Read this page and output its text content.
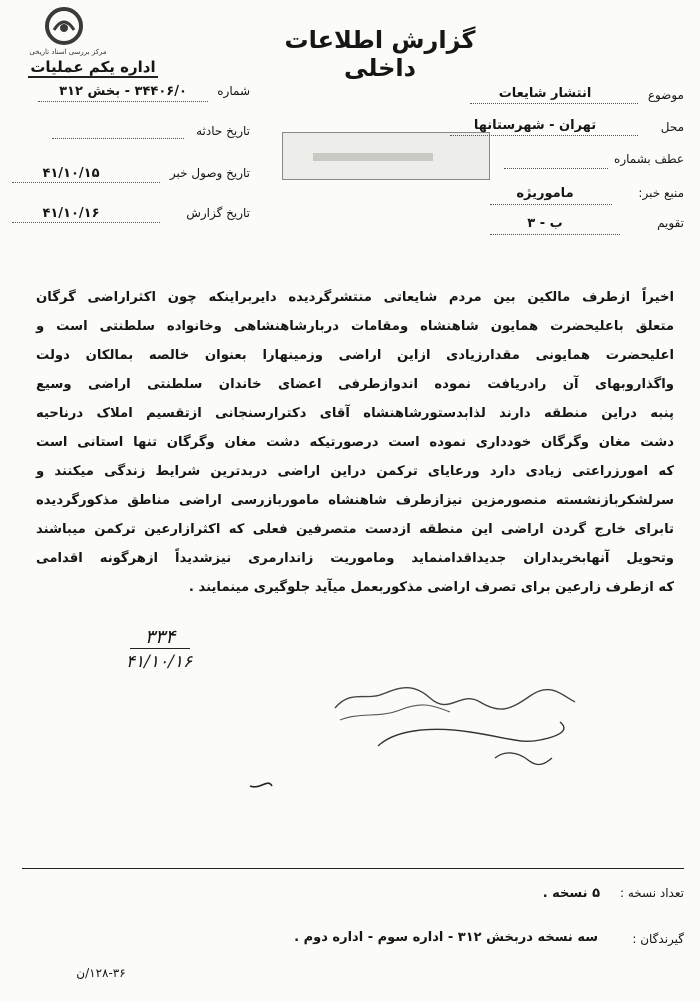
مرکز بررسی اسناد تاریخی	گزارش اطلاعات داخلی
اداره یکم عملیات
شماره
۳۴۴۰۶/۰ - بخش ۳۱۲
تاریخ حادثه
تاریخ وصول خبر
۴۱/۱۰/۱۵
تاریخ گزارش
۴۱/۱۰/۱۶
موضوع
انتشار شایعات
محل
تهران - شهرستانها
عطف بشماره
منبع خبر:
ماموریژه
تقویم
ب - ۳
اخیراً ازطرف مالکین بین مردم شایعاتی منتشرگردیده دایربراینکه چون اکثراراضی گرگان
متعلق باعلیحضرت همایون شاهنشاه ومقامات دربارشاهنشاهی وخانواده سلطنتی است و
اعلیحضرت همایونی مقدارزیادی ازاین اراضی وزمینهارا بعنوان خالصه بمالکان دولت
واگذاروبهای آن رادریافت نموده اندوازطرفی اعضای خاندان سلطنتی اراضی وسیع
پنبه دراین منطقه دارند لذابدستورشاهنشاه آقای دکترارسنجانی ازتقسیم املاک درناحیه
دشت مغان وگرگان خودداری نموده است درصورتیکه دشت مغان وگرگان تنها استانی است
که امورزراعتی زیادی دارد ورعایای ترکمن دراین اراضی دربدترین شرایط زندگی میکنند و
سرلشکربازنشسته منصورمزین نیزازطرف شاهنشاه ماموربازرسی اراضی مناطق مذکورگردیده
تابرای خارج گردن اراضی این منطقه ازدست متصرفین فعلی که اکثرازارعین ترکمن میباشند
وتحویل آنهابخریداران جدیداقدامنماید وماموریت زاندارمری نیزشدیداً ازهرگونه اقدامی
که ازطرف زارعین برای تصرف اراضی مذکوربعمل میآید جلوگیری مینمایند .
۳۳۴
۴۱/۱۰/۱۶
تعداد نسخه :
۵ نسخه .
گیرندگان :
سه نسخه دربخش ۳۱۲ - اداره سوم - اداره دوم .
۱۲۸-۳۶/ن
